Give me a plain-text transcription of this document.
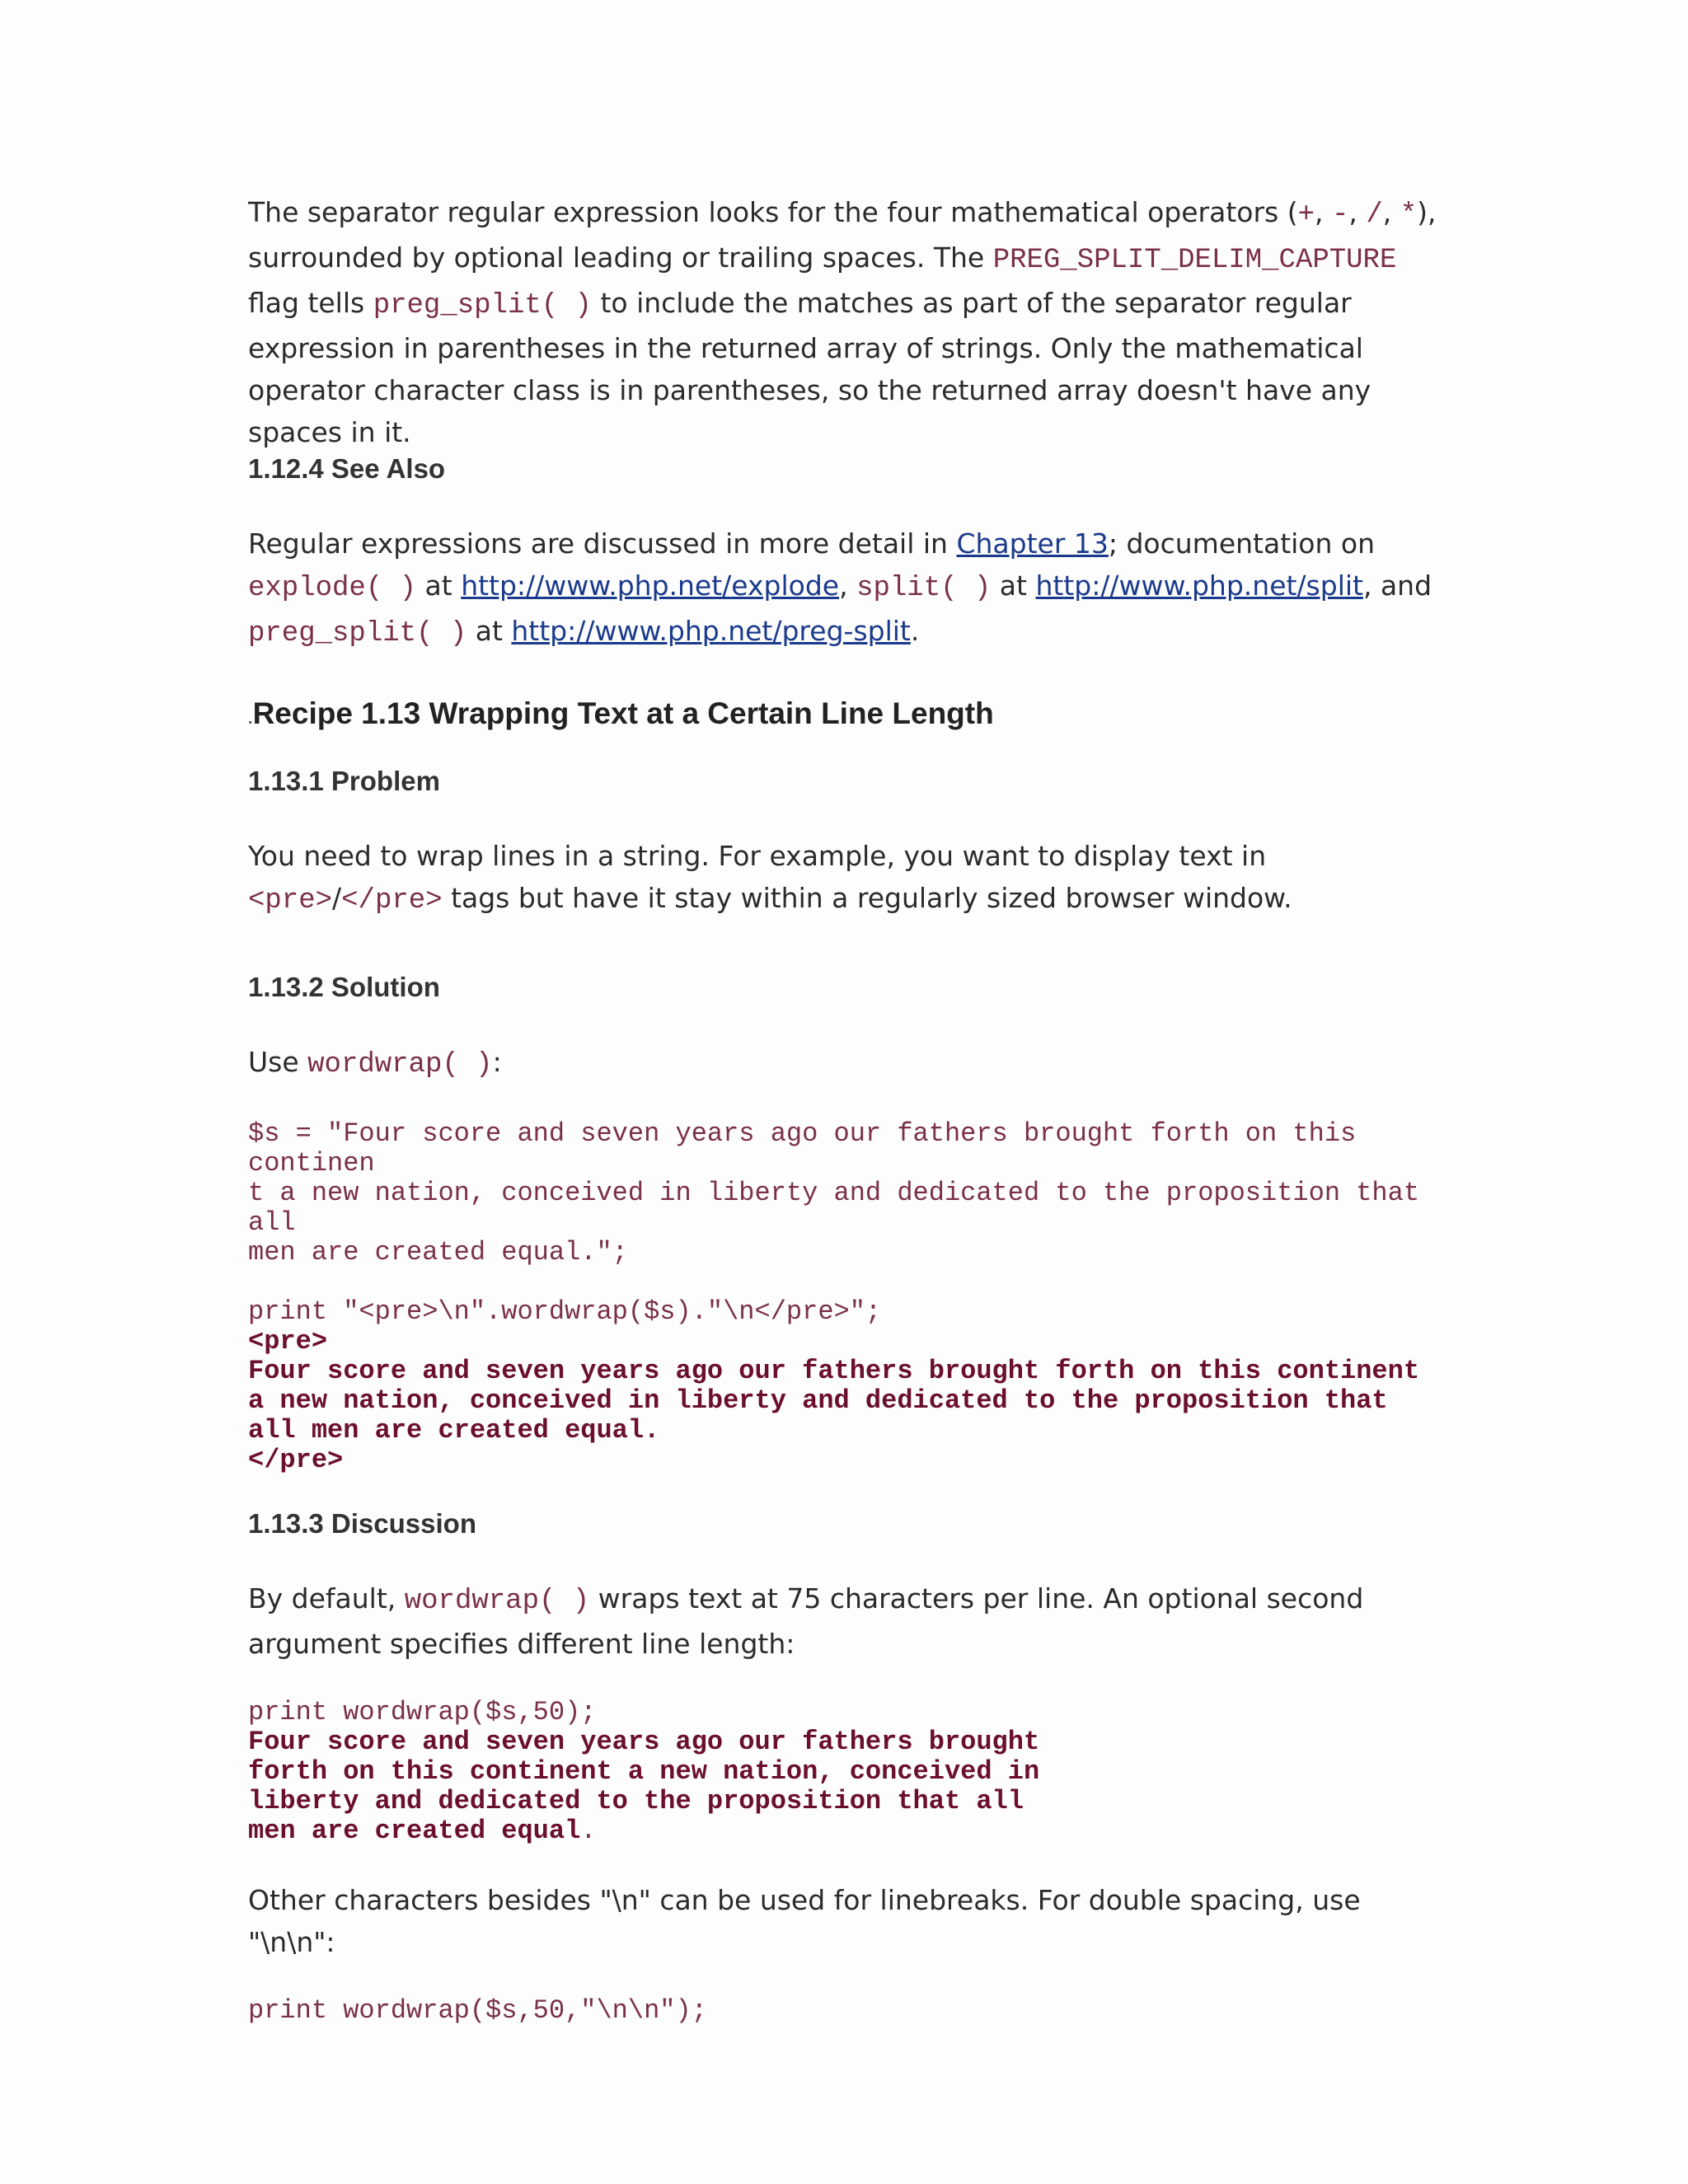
The separator regular expression looks for the four mathematical operators (+, -, /, *), surrounded by optional leading or trailing spaces. The PREG_SPLIT_DELIM_CAPTURE flag tells preg_split( ) to include the matches as part of the separator regular expression in parentheses in the returned array of strings. Only the mathematical operator character class is in parentheses, so the returned array doesn't have any spaces in it.

1.12.4 See Also

Regular expressions are discussed in more detail in Chapter 13; documentation on explode( ) at http://www.php.net/explode, split( ) at http://www.php.net/split, and preg_split( ) at http://www.php.net/preg-split.

.Recipe 1.13 Wrapping Text at a Certain Line Length
1.13.1 Problem

You need to wrap lines in a string. For example, you want to display text in <pre>/</pre> tags but have it stay within a regularly sized browser window.

1.13.2 Solution

Use wordwrap( ):

$s = "Four score and seven years ago our fathers brought forth on this
continen
t a new nation, conceived in liberty and dedicated to the proposition that
all
men are created equal.";

print "<pre>\n".wordwrap($s)."\n</pre>";
<pre>
Four score and seven years ago our fathers brought forth on this continent
a new nation, conceived in liberty and dedicated to the proposition that
all men are created equal.
</pre>
1.13.3 Discussion

By default, wordwrap( ) wraps text at 75 characters per line. An optional second argument specifies different line length:

print wordwrap($s,50);
Four score and seven years ago our fathers brought
forth on this continent a new nation, conceived in
liberty and dedicated to the proposition that all
men are created equal.

Other characters besides "\n" can be used for linebreaks. For double spacing, use "\n\n":

print wordwrap($s,50,"\n\n");
